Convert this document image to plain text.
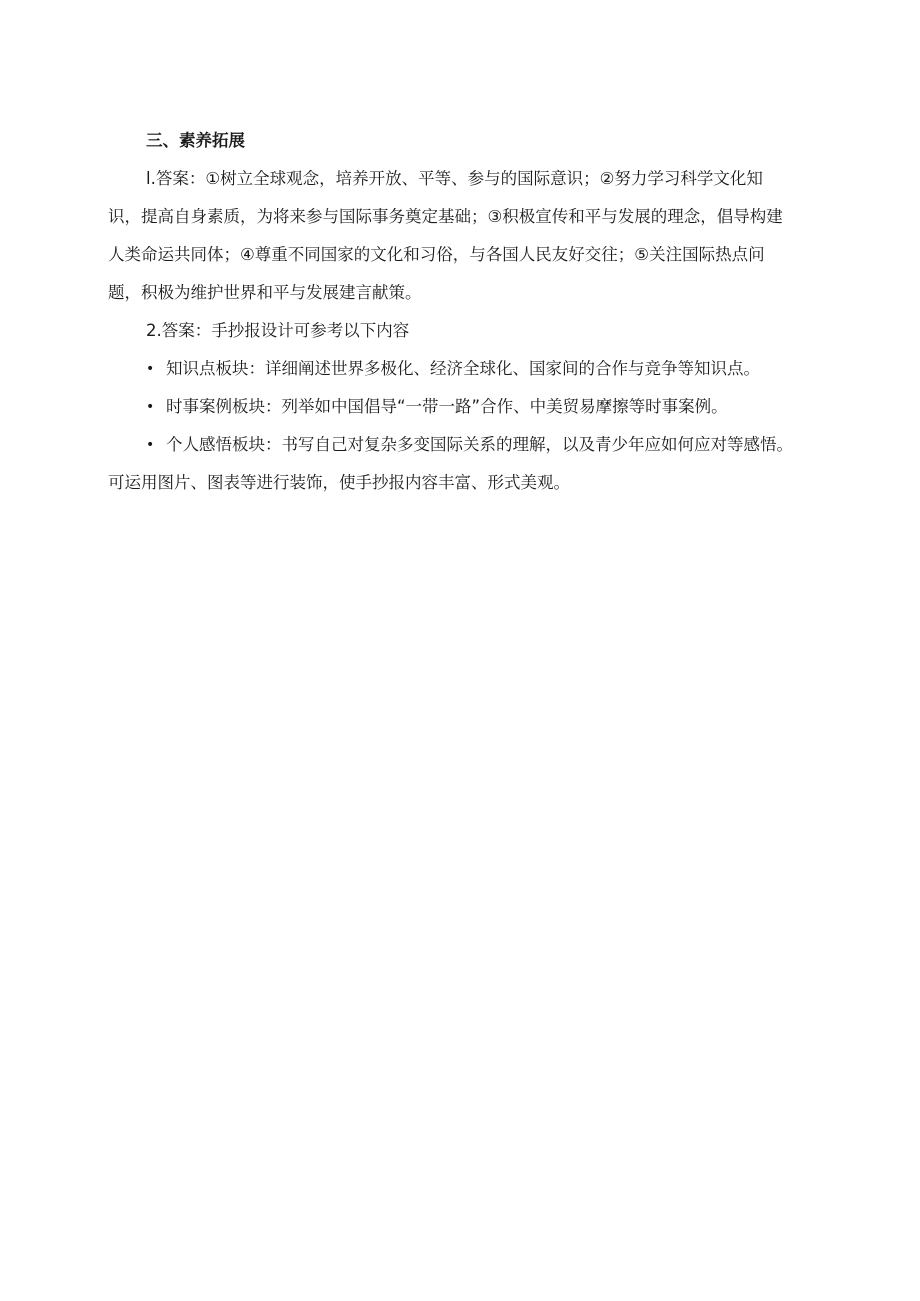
三、素养拓展

l.答案：①树立全球观念，培养开放、平等、参与的国际意识；②努力学习科学文化知

识，提高自身素质，为将来参与国际事务奠定基础；③积极宣传和平与发展的理念，倡导构建

人类命运共同体；④尊重不同国家的文化和习俗，与各国人民友好交往；⑤关注国际热点问

题，积极为维护世界和平与发展建言献策。

2.答案：手抄报设计可参考以下内容

• 知识点板块：详细阐述世界多极化、经济全球化、国家间的合作与竞争等知识点。
• 时事案例板块：列举如中国倡导“一带一路”合作、中美贸易摩擦等时事案例。
• 个人感悟板块：书写自己对复杂多变国际关系的理解，以及青少年应如何应对等感悟。

可运用图片、图表等进行装饰，使手抄报内容丰富、形式美观。
